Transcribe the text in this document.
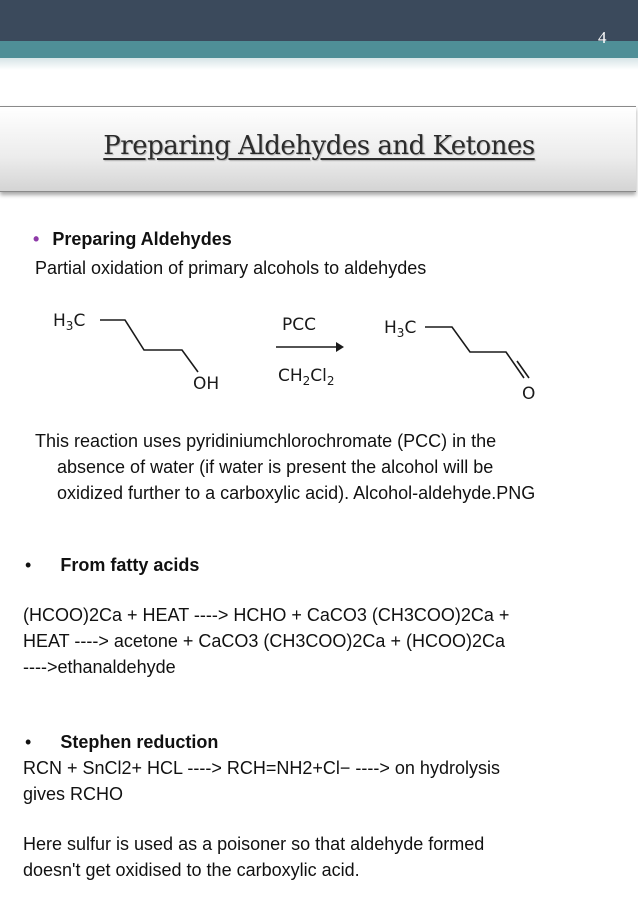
4
Preparing Aldehydes and Ketones
• Preparing Aldehydes
Partial oxidation of primary alcohols to aldehydes
$H_3C$
OH
PCC
$CH_2Cl_2$
$H_3C$
O
This reaction uses pyridiniumchlorochromate (PCC) in the
absence of water (if water is present the alcohol will be
oxidized further to a carboxylic acid). Alcohol-aldehyde.PNG
• From fatty acids
(HCOO)2Ca + HEAT ----> HCHO + CaCO3 (CH3COO)2Ca +
HEAT ----> acetone + CaCO3 (CH3COO)2Ca + (HCOO)2Ca
---->ethanaldehyde
• Stephen reduction
RCN + SnCl2+ HCL ----> RCH=NH2+Cl− ----> on hydrolysis
gives RCHO
Here sulfur is used as a poisoner so that aldehyde formed
doesn't get oxidised to the carboxylic acid.
